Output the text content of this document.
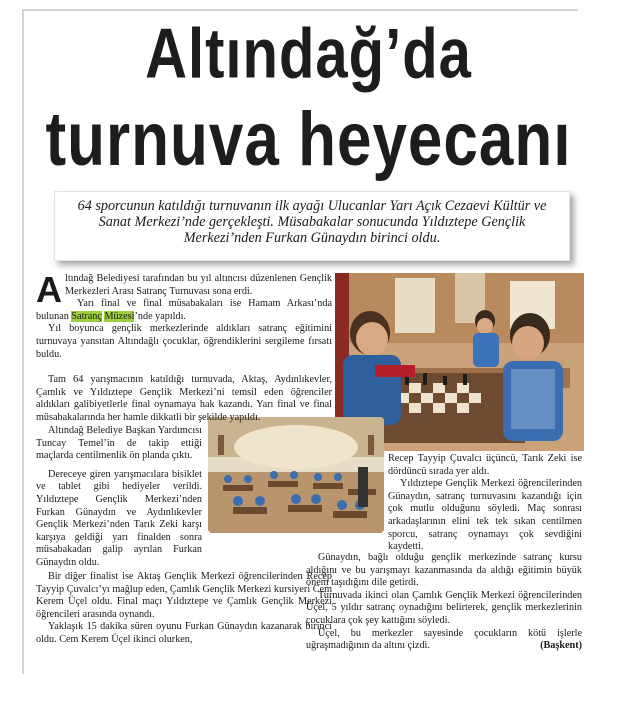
Altındağ’da
turnuva heyecanı

64 sporcunun katıldığı turnuvanın ilk ayağı Ulucanlar Yarı Açık Cezaevi Kültür ve Sanat Merkezi’nde gerçekleşti. Müsabakalar sonucunda Yıldıztepe Gençlik Merkezi’nden Furkan Günaydın birinci oldu.

Altındağ Belediyesi tarafından bu yıl altıncısı düzenlenen Gençlik Merkezleri Arası Satranç Turnuvası sona erdi.

Yarı final ve final müsabakaları ise Hamam Arkası’nda bulunan Satranç Müzesi’nde yapıldı.

Yıl boyunca gençlik merkezlerinde aldıkları satranç eğitimini turnuvaya yansıtan Altındağlı çocuklar, öğrendiklerini sergileme fırsatı buldu.

Tam 64 yarışmacının katıldığı turnuvada, Aktaş, Aydınlıkevler, Çamlık ve Yıldıztepe Gençlik Merkezi’ni temsil eden öğrenciler aldıkları galibiyetlerle final oynamaya hak kazandı. Yarı final ve final müsabakalarında her hamle dikkatli bir şekilde yapıldı.

Altındağ Belediye Başkan Yardımcısı Tuncay Temel’in de takip ettiği maçlarda centilmenlik ön planda çıktı.

Dereceye giren yarışmacılara bisiklet ve tablet gibi hediyeler verildi. Yıldıztepe Gençlik Merkezi’nden Furkan Günaydın ve Aydınlıkevler Gençlik Merkezi’nden Tarık Zeki karşı karşıya geldiği yarı finalden sonra müsabakadan galip ayrılan Furkan Günaydın oldu.

Bir diğer finalist ise Aktaş Gençlik Merkezi öğrencilerinden Recep Tayyip Çuvalcı’yı mağlup eden, Çamlık Gençlik Merkezi kursiyeri Cem Kerem Üçel oldu. Final maçı Yıldıztepe ve Çamlık Gençlik Merkezi öğrencileri arasında oynandı.

Yaklaşık 15 dakika süren oyunu Furkan Günaydın kazanarak birinci oldu. Cem Kerem Üçel ikinci olurken,

Recep Tayyip Çuvalcı üçüncü, Tarık Zeki ise dördüncü sırada yer aldı.

Yıldıztepe Gençlik Merkezi öğrencilerinden Günaydın, satranç turnuvasını kazandığı için çok mutlu olduğunu söyledi. Maç sonrası arkadaşlarının elini tek tek sıkan centilmen sporcu, satranç oynamayı çok sevdiğini kaydetti.

Günaydın, bağlı olduğu gençlik merkezinde satranç kursu aldığını ve bu yarışmayı kazanmasında da aldığı eğitimin büyük önem taşıdığını dile getirdi.

Turnuvada ikinci olan Çamlık Gençlik Merkezi öğrencilerinden Üçel, 5 yıldır satranç oynadığını belirterek, gençlik merkezlerinin çocuklara çok şey kattığını söyledi.

Üçel, bu merkezler sayesinde çocukların kötü işlerle uğraşmadığının da altını çizdi.	(Başkent)
